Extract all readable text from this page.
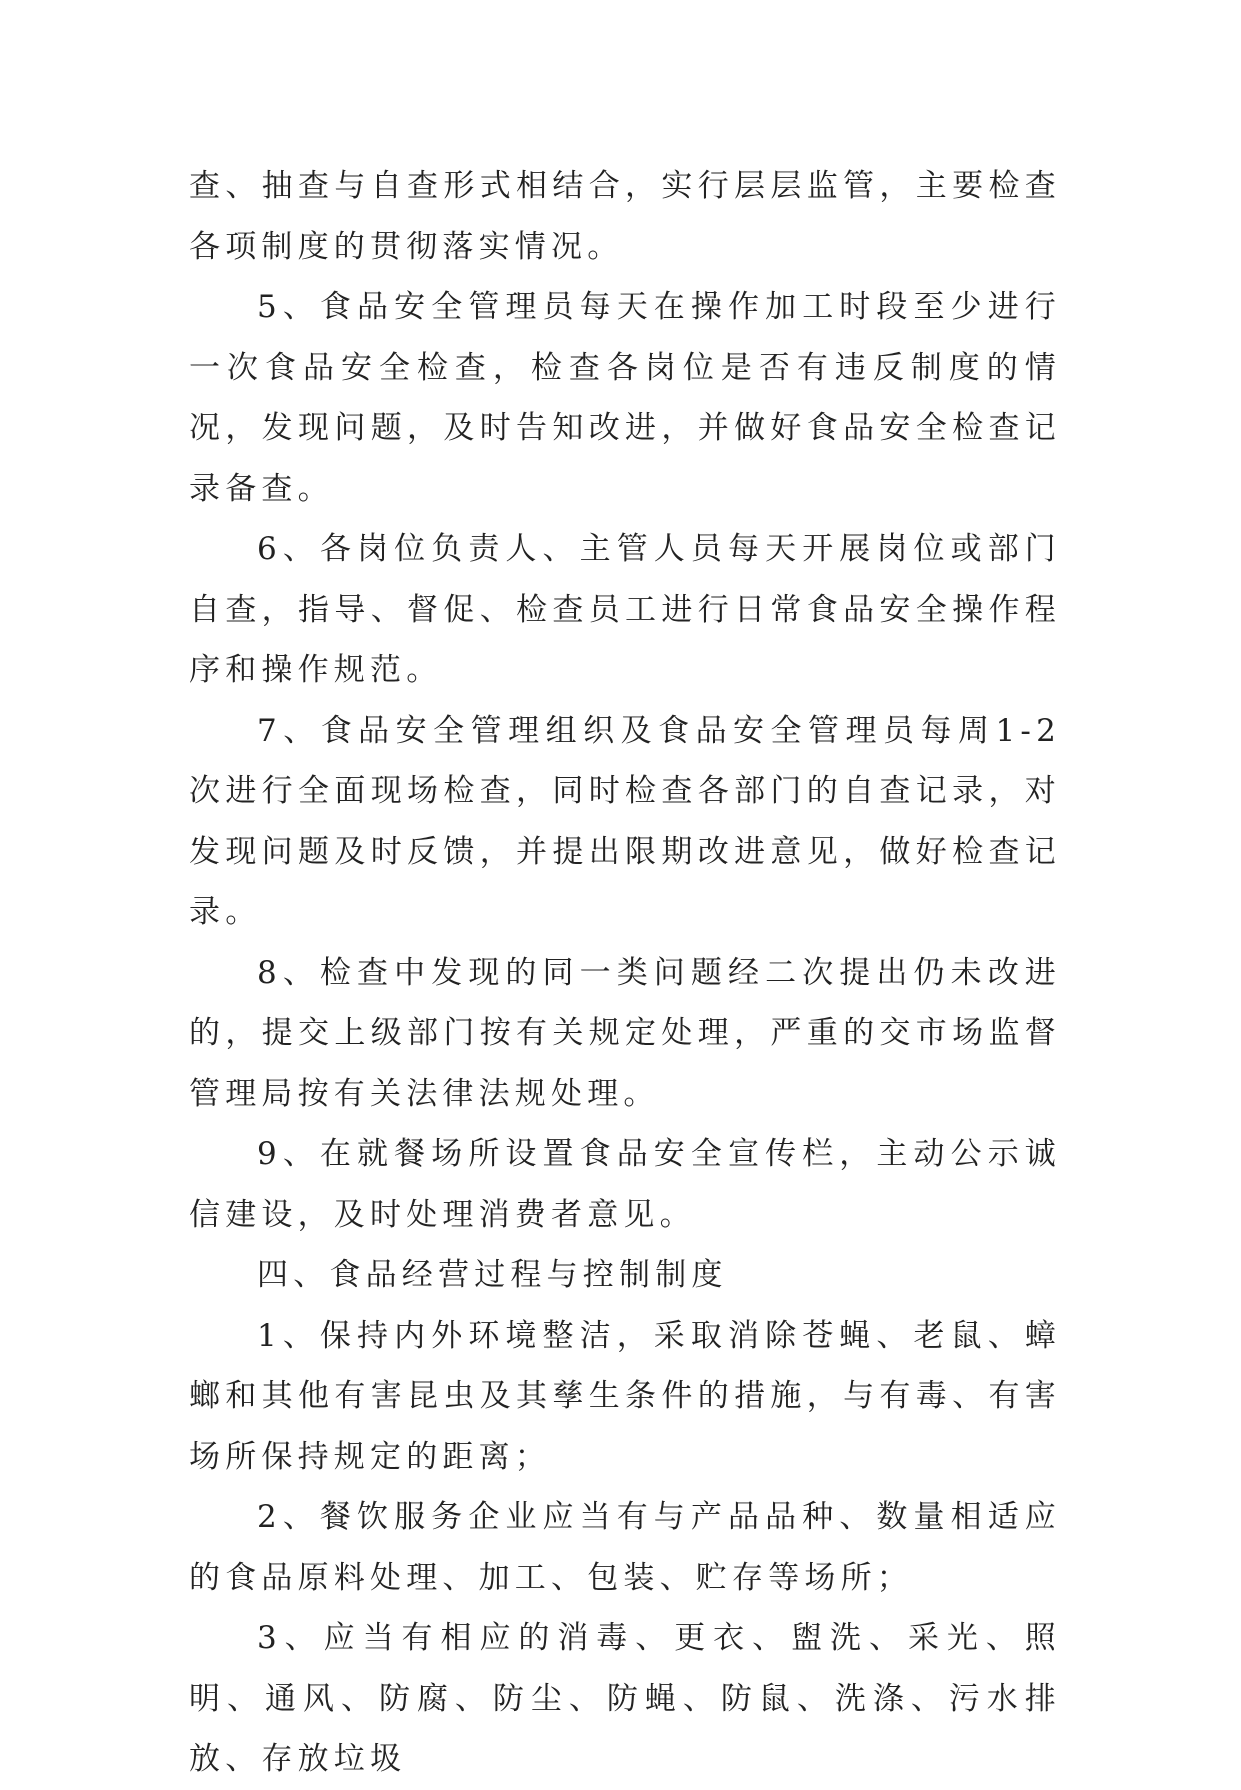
查、抽查与自查形式相结合，实行层层监管，主要检查各项制度的贯彻落实情况。

5、食品安全管理员每天在操作加工时段至少进行一次食品安全检查，检查各岗位是否有违反制度的情况，发现问题，及时告知改进，并做好食品安全检查记录备查。

6、各岗位负责人、主管人员每天开展岗位或部门自查，指导、督促、检查员工进行日常食品安全操作程序和操作规范。

7、食品安全管理组织及食品安全管理员每周1-2次进行全面现场检查，同时检查各部门的自查记录，对发现问题及时反馈，并提出限期改进意见，做好检查记录。

8、检查中发现的同一类问题经二次提出仍未改进的，提交上级部门按有关规定处理，严重的交市场监督管理局按有关法律法规处理。

9、在就餐场所设置食品安全宣传栏，主动公示诚信建设，及时处理消费者意见。

四、食品经营过程与控制制度

1、保持内外环境整洁，采取消除苍蝇、老鼠、蟑螂和其他有害昆虫及其孳生条件的措施，与有毒、有害场所保持规定的距离；

2、餐饮服务企业应当有与产品品种、数量相适应的食品原料处理、加工、包装、贮存等场所；

3、应当有相应的消毒、更衣、盥洗、采光、照明、通风、防腐、防尘、防蝇、防鼠、洗涤、污水排放、存放垃圾
